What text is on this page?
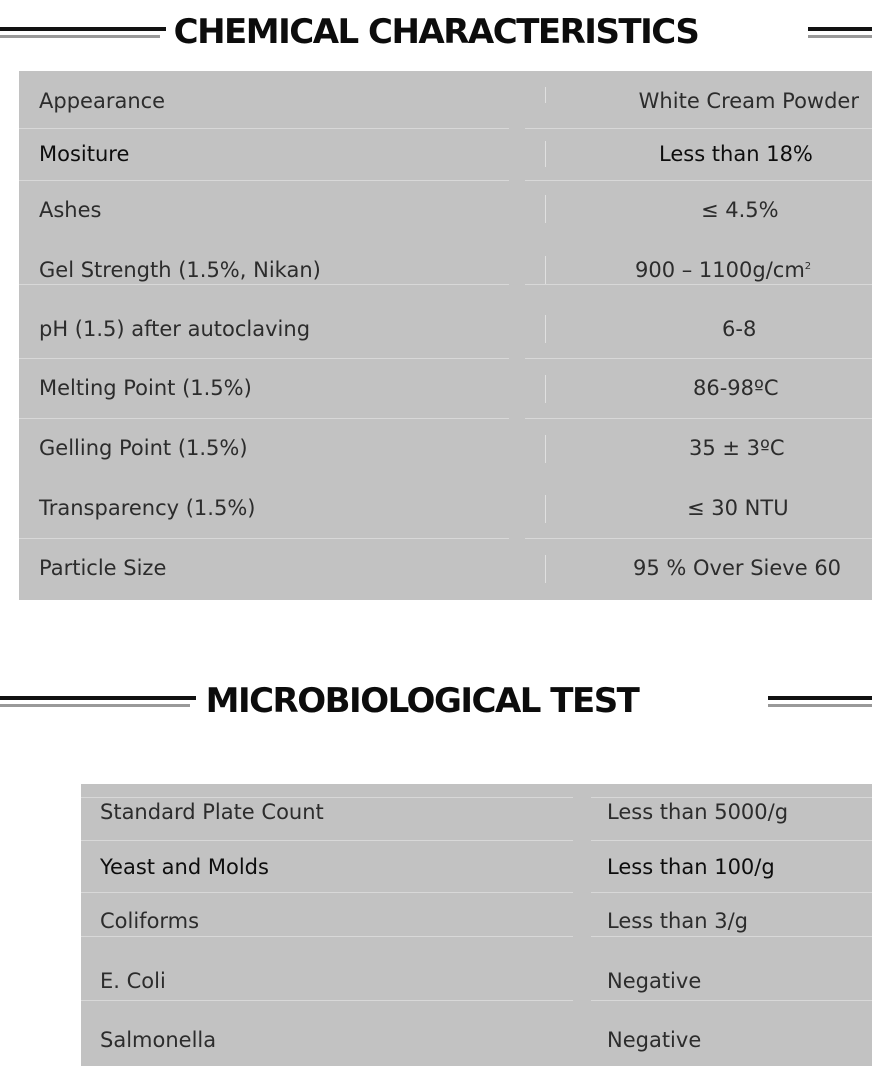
CHEMICAL CHARACTERISTICS
Appearance	White Cream Powder
Mositure	Less than 18%
Ashes	≤ 4.5%
Gel Strength (1.5%, Nikan)	$900 - 1100g/cm^2$
pH (1.5) after autoclaving	6-8
Melting Point (1.5%)	86-98ºC
Gelling Point (1.5%)	35 ± 3ºC
Transparency (1.5%)	≤ 30 NTU
Particle Size	95 % Over Sieve 60
MICROBIOLOGICAL TEST
Standard Plate Count	Less than 5000/g
Yeast and Molds	Less than 100/g
Coliforms	Less than 3/g
E. Coli	Negative
Salmonella	Negative
